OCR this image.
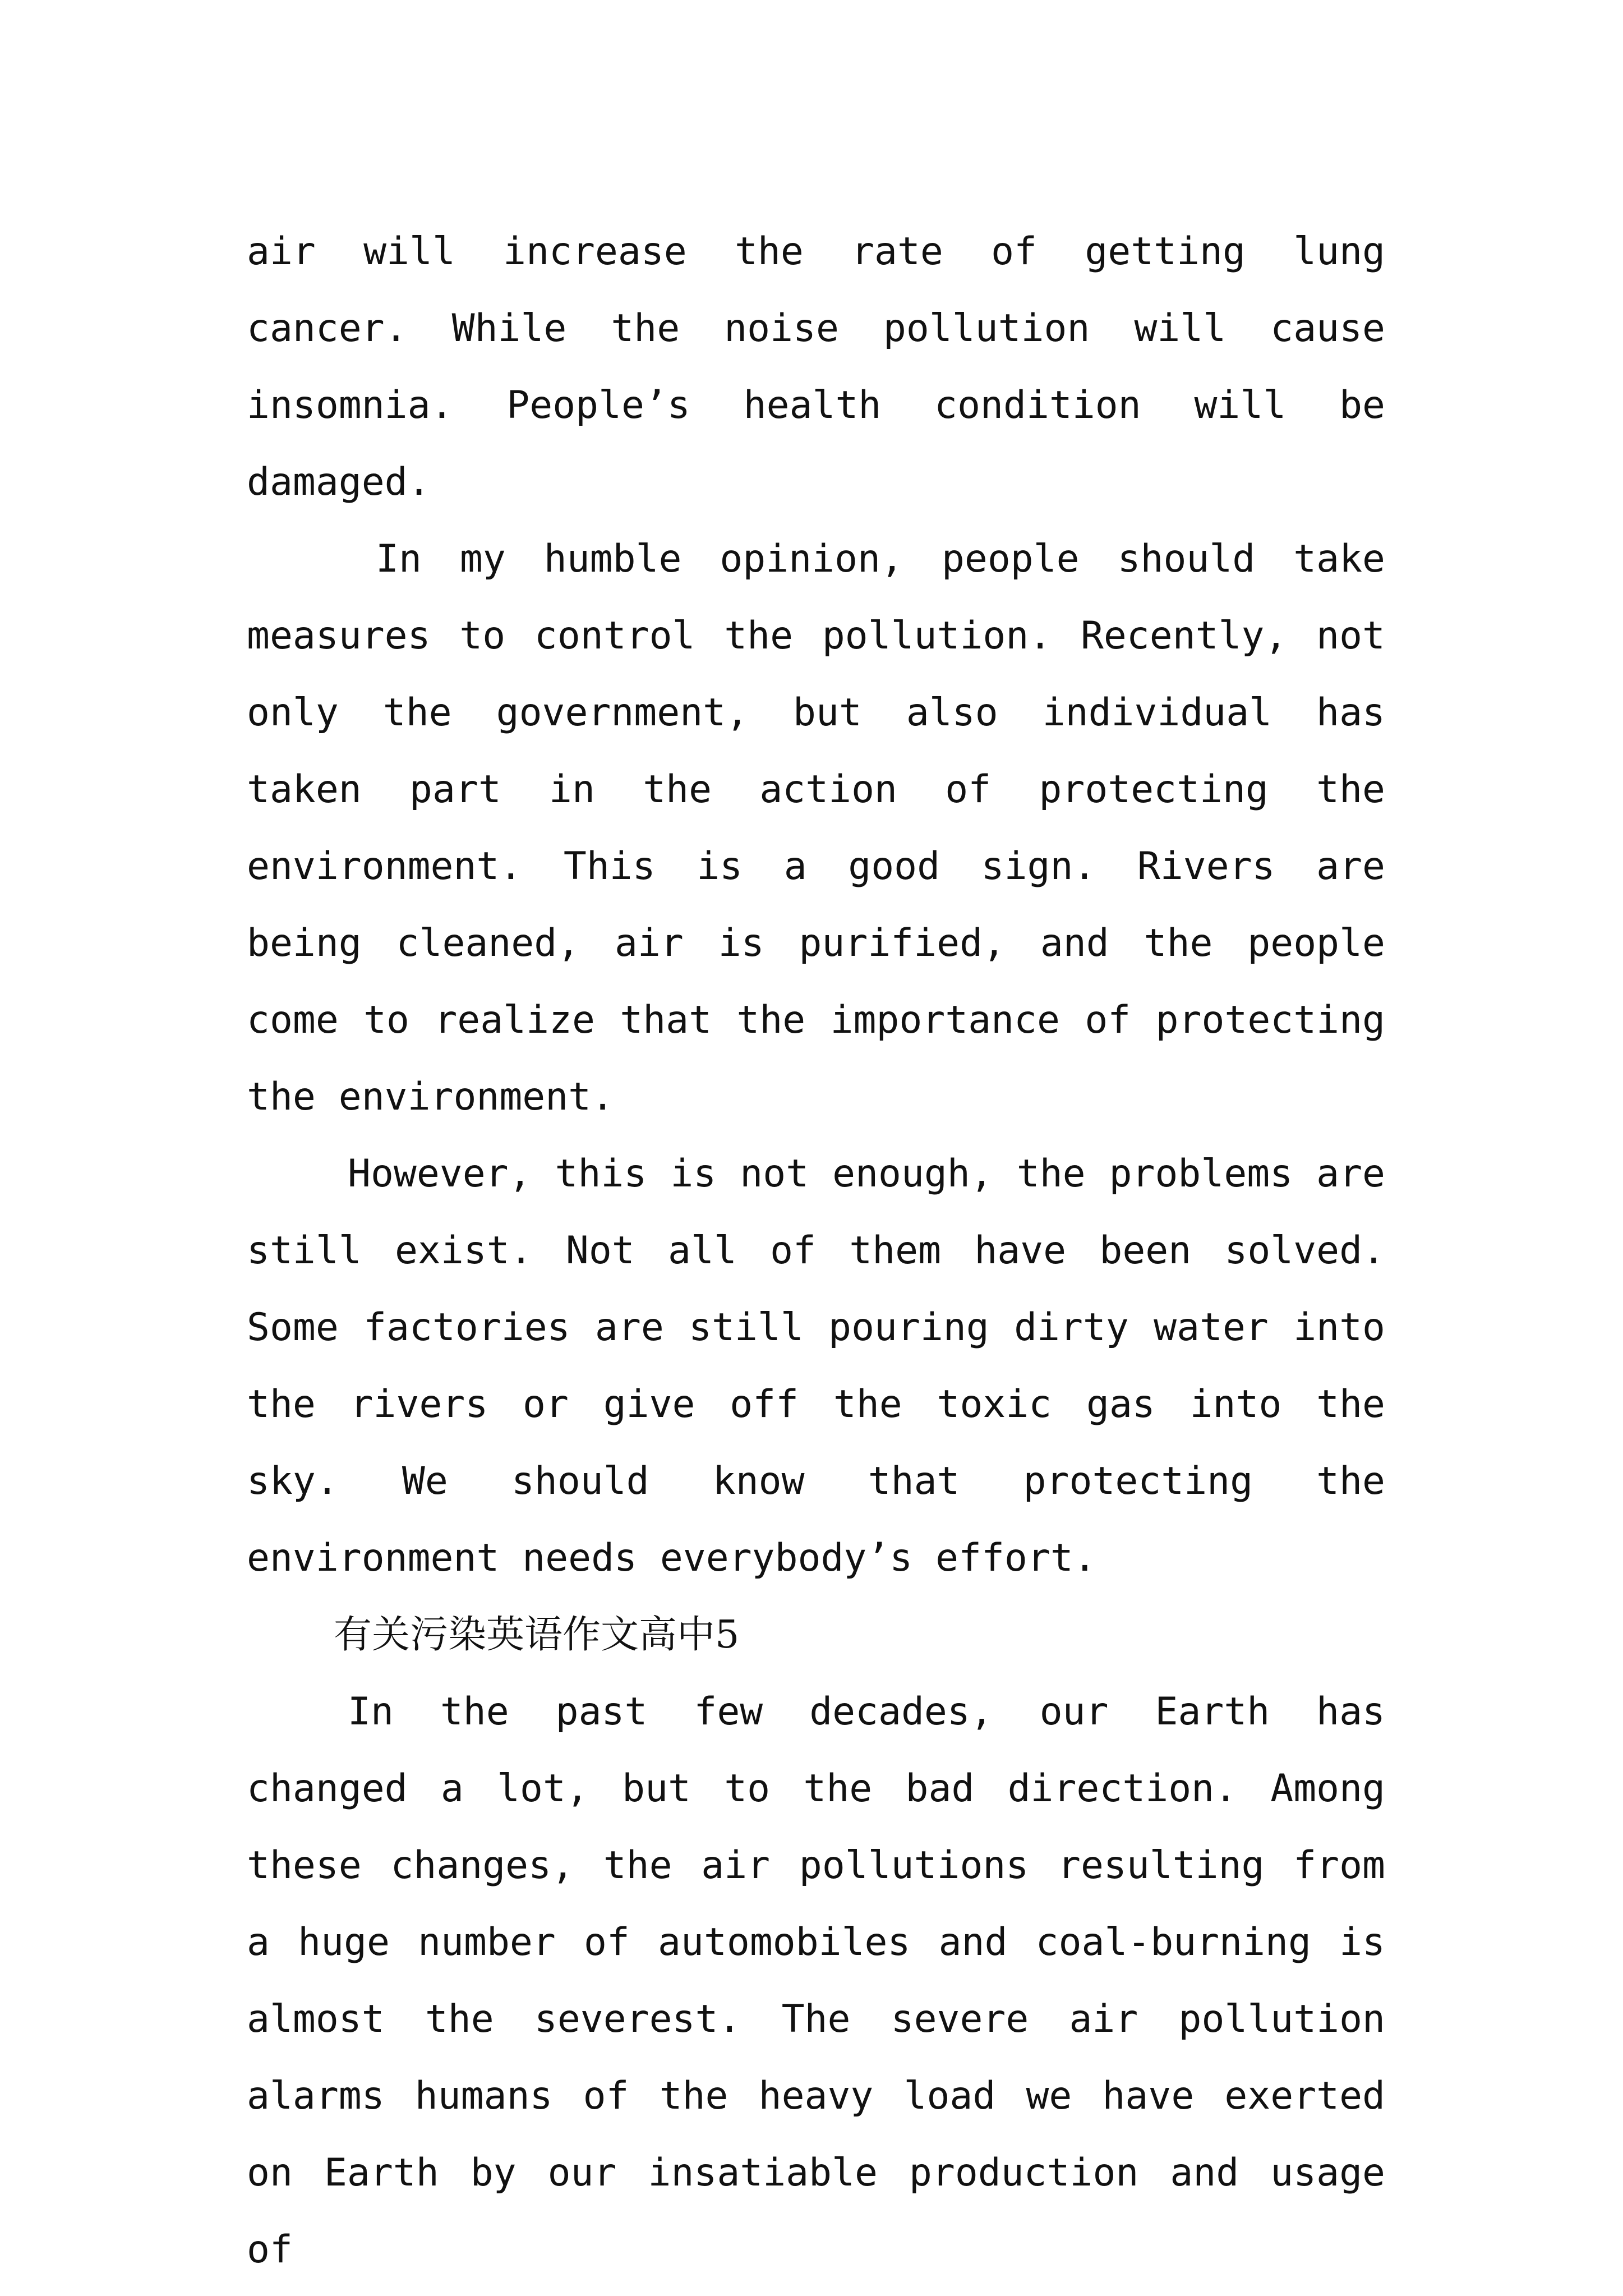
air will increase the rate of getting lung cancer. While the noise pollution will cause insomnia. People’s health condition will be damaged.

In my humble opinion, people should take measures to control the pollution. Recently, not only the government, but also individual has taken part in the action of protecting the environment. This is a good sign. Rivers are being cleaned, air is purified, and the people come to realize that the importance of protecting the environment.

However, this is not enough, the problems are still exist. Not all of them have been solved. Some factories are still pouring dirty water into the rivers or give off the toxic gas into the sky. We should know that protecting the environment needs everybody’s effort.

有关污染英语作文高中5

In the past few decades, our Earth has changed a lot, but to the bad direction. Among these changes, the air pollutions resulting from a huge number of automobiles and coal-burning is almost the severest. The severe air pollution alarms humans of the heavy load we have exerted on Earth by our insatiable production and usage of
